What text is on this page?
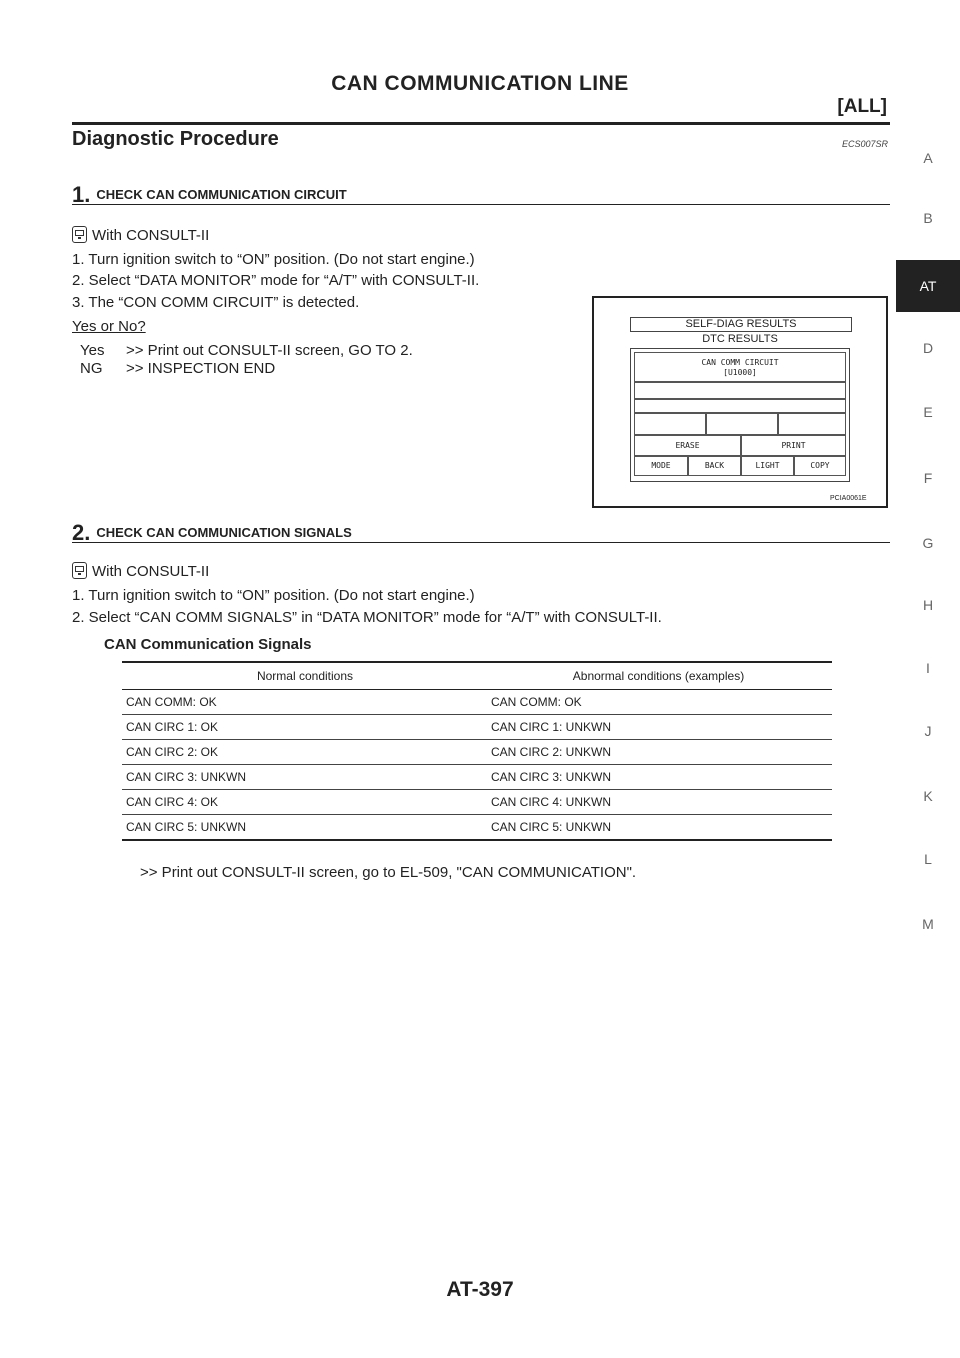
CAN COMMUNICATION LINE
[ALL]
Diagnostic Procedure	ECS007SR
A
B
AT
D
E
F
G
H
I
J
K
L
M
1. CHECK CAN COMMUNICATION CIRCUIT
With CONSULT-II
1. Turn ignition switch to “ON” position. (Do not start engine.)
2. Select “DATA MONITOR” mode for “A/T” with CONSULT-II.
3. The “CON COMM CIRCUIT” is detected.
Yes or No?
Yes >> Print out CONSULT-II screen, GO TO 2.
NG >> INSPECTION END
SELF-DIAG RESULTS
DTC RESULTS
CAN COMM CIRCUIT
[U1000]
ERASE	PRINT
MODE	BACK	LIGHT	COPY
PCIA0061E
2. CHECK CAN COMMUNICATION SIGNALS
With CONSULT-II
1. Turn ignition switch to “ON” position. (Do not start engine.)
2. Select “CAN COMM SIGNALS” in “DATA MONITOR” mode for “A/T” with CONSULT-II.
CAN Communication Signals
Normal conditions	Abnormal conditions (examples)
CAN COMM: OK	CAN COMM: OK
CAN CIRC 1: OK	CAN CIRC 1: UNKWN
CAN CIRC 2: OK	CAN CIRC 2: UNKWN
CAN CIRC 3: UNKWN	CAN CIRC 3: UNKWN
CAN CIRC 4: OK	CAN CIRC 4: UNKWN
CAN CIRC 5: UNKWN	CAN CIRC 5: UNKWN
>> Print out CONSULT-II screen, go to EL-509, "CAN COMMUNICATION".
AT-397
